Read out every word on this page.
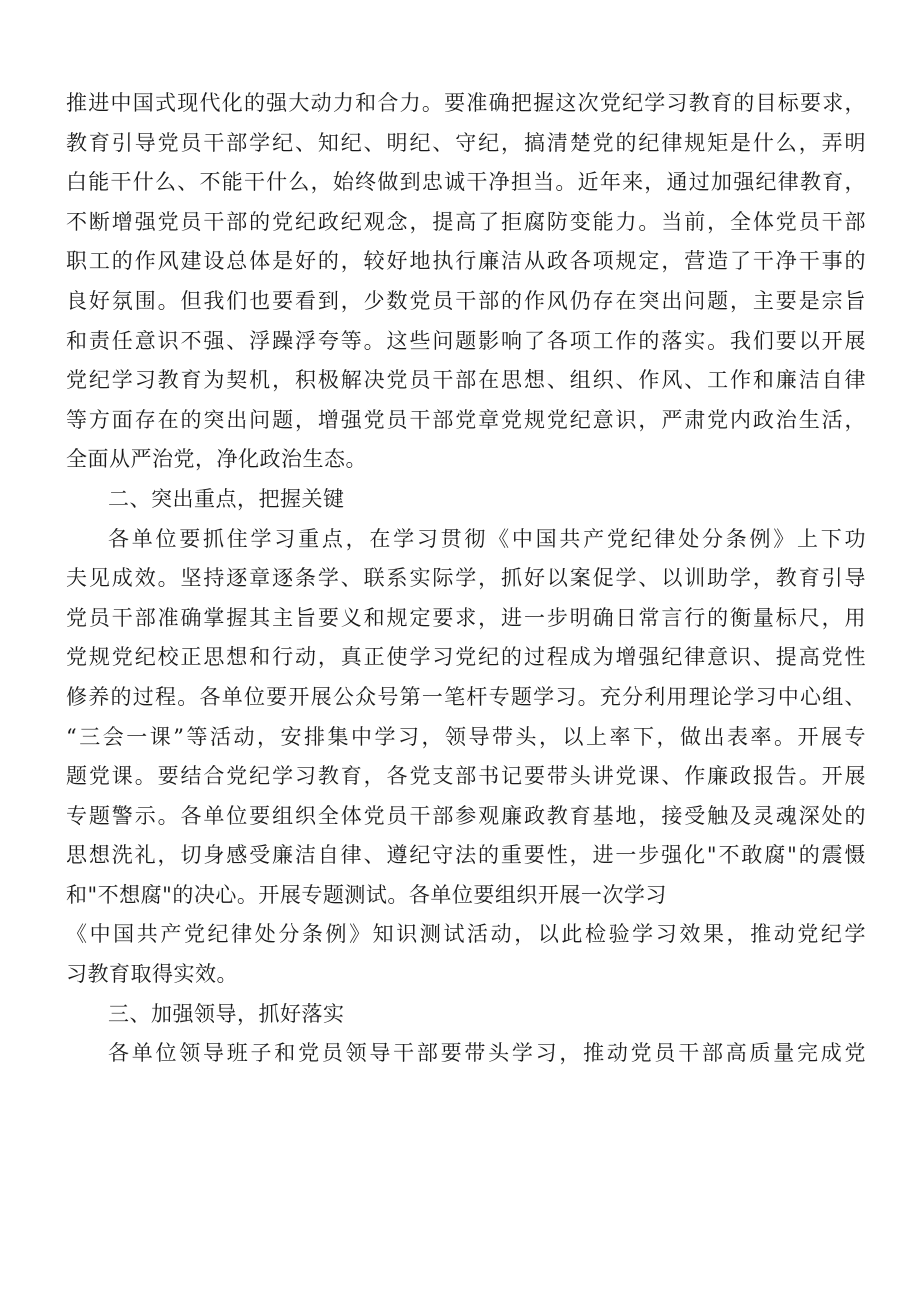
推进中国式现代化的强大动力和合力。要准确把握这次党纪学习教育的目标要求，
教育引导党员干部学纪、知纪、明纪、守纪，搞清楚党的纪律规矩是什么，弄明
白能干什么、不能干什么，始终做到忠诚干净担当。近年来，通过加强纪律教育，
不断增强党员干部的党纪政纪观念，提高了拒腐防变能力。当前，全体党员干部
职工的作风建设总体是好的，较好地执行廉洁从政各项规定，营造了干净干事的
良好氛围。但我们也要看到，少数党员干部的作风仍存在突出问题，主要是宗旨
和责任意识不强、浮躁浮夸等。这些问题影响了各项工作的落实。我们要以开展
党纪学习教育为契机，积极解决党员干部在思想、组织、作风、工作和廉洁自律
等方面存在的突出问题，增强党员干部党章党规党纪意识，严肃党内政治生活，
全面从严治党，净化政治生态。

二、突出重点，把握关键

各单位要抓住学习重点，在学习贯彻《中国共产党纪律处分条例》上下功
夫见成效。坚持逐章逐条学、联系实际学，抓好以案促学、以训助学，教育引导
党员干部准确掌握其主旨要义和规定要求，进一步明确日常言行的衡量标尺，用
党规党纪校正思想和行动，真正使学习党纪的过程成为增强纪律意识、提高党性
修养的过程。各单位要开展公众号第一笔杆专题学习。充分利用理论学习中心组、
“三会一课”等活动，安排集中学习，领导带头，以上率下，做出表率。开展专
题党课。要结合党纪学习教育，各党支部书记要带头讲党课、作廉政报告。开展
专题警示。各单位要组织全体党员干部参观廉政教育基地，接受触及灵魂深处的
思想洗礼，切身感受廉洁自律、遵纪守法的重要性，进一步强化"不敢腐"的震慑
和"不想腐"的决心。开展专题测试。各单位要组织开展一次学习
《中国共产党纪律处分条例》知识测试活动，以此检验学习效果，推动党纪学
习教育取得实效。

三、加强领导，抓好落实

各单位领导班子和党员领导干部要带头学习，推动党员干部高质量完成党
